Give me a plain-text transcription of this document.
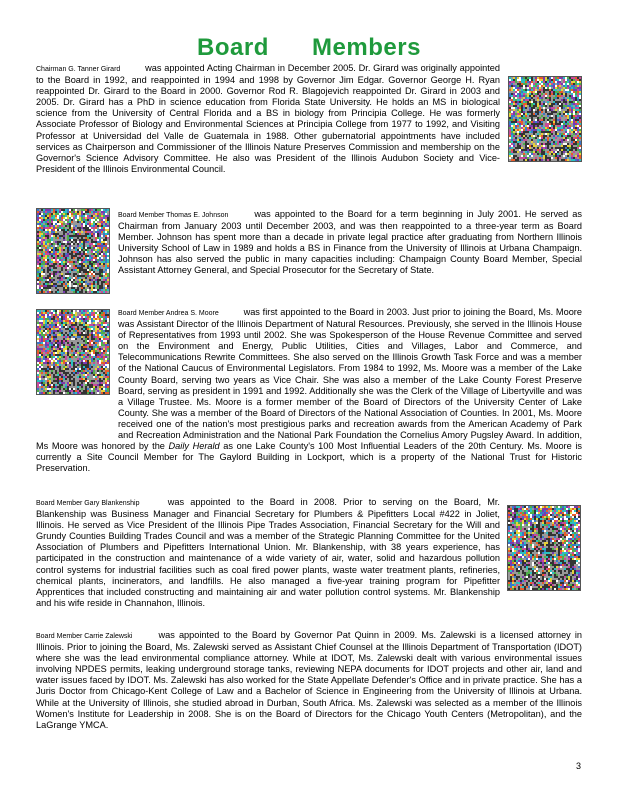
Board Members
Chairman G. Tanner Girard	was appointed Acting Chairman in December 2005. Dr. Girard was originally appointed to the Board in 1992, and reappointed in 1994 and 1998 by Governor Jim Edgar. Governor George H. Ryan reappointed Dr. Girard to the Board in 2000. Governor Rod R. Blagojevich reappointed Dr. Girard in 2003 and 2005. Dr. Girard has a PhD in science education from Florida State University. He holds an MS in biological science from the University of Central Florida and a BS in biology from Principia College. He was formerly Associate Professor of Biology and Environmental Sciences at Principia College from 1977 to 1992, and Visiting Professor at Universidad del Valle de Guatemala in 1988. Other gubernatorial appointments have included services as Chairperson and Commissioner of the Illinois Nature Preserves Commission and membership on the Governor's Science Advisory Committee. He also was President of the Illinois Audubon Society and Vice-President of the Illinois Environmental Council.
Board Member Thomas E. Johnson	was appointed to the Board for a term beginning in July 2001. He served as Chairman from January 2003 until December 2003, and was then reappointed to a three-year term as Board Member. Johnson has spent more than a decade in private legal practice after graduating from Northern Illinois University School of Law in 1989 and holds a BS in Finance from the University of Illinois at Urbana Champaign. Johnson has also served the public in many capacities including: Champaign County Board Member, Special Assistant Attorney General, and Special Prosecutor for the Secretary of State.
Board Member Andrea S. Moore	was first appointed to the Board in 2003. Just prior to joining the Board, Ms. Moore was Assistant Director of the Illinois Department of Natural Resources. Previously, she served in the Illinois House of Representatives from 1993 until 2002. She was Spokesperson of the House Revenue Committee and served on the Environment and Energy, Public Utilities, Cities and Villages, Labor and Commerce, and Telecommunications Rewrite Committees. She also served on the Illinois Growth Task Force and was a member of the National Caucus of Environmental Legislators. From 1984 to 1992, Ms. Moore was a member of the Lake County Board, serving two years as Vice Chair. She was also a member of the Lake County Forest Preserve Board, serving as president in 1991 and 1992. Additionally she was the Clerk of the Village of Libertyville and was a Village Trustee. Ms. Moore is a former member of the Board of Directors of the University Center of Lake County. She was a member of the Board of Directors of the National Association of Counties. In 2001, Ms. Moore received one of the nation's most prestigious parks and recreation awards from the American Academy of Park and Recreation Administration and the National Park Foundation the Cornelius Amory Pugsley Award. In addition, Ms Moore was honored by the Daily Herald as one Lake County's 100 Most Influential Leaders of the 20th Century. Ms. Moore is currently a Site Council Member for The Gaylord Building in Lockport, which is a property of the National Trust for Historic Preservation.
Board Member Gary Blankenship	was appointed to the Board in 2008. Prior to serving on the Board, Mr. Blankenship was Business Manager and Financial Secretary for Plumbers & Pipefitters Local #422 in Joliet, Illinois. He served as Vice President of the Illinois Pipe Trades Association, Financial Secretary for the Will and Grundy Counties Building Trades Council and was a member of the Strategic Planning Committee for the United Association of Plumbers and Pipefitters International Union. Mr. Blankenship, with 38 years experience, has participated in the construction and maintenance of a wide variety of air, water, solid and hazardous pollution control systems for industrial facilities such as coal fired power plants, waste water treatment plants, refineries, chemical plants, incinerators, and landfills. He also managed a five-year training program for Pipefitter Apprentices that included constructing and maintaining air and water pollution control systems. Mr. Blankenship and his wife reside in Channahon, Illinois.
Board Member Carrie Zalewski	was appointed to the Board by Governor Pat Quinn in 2009. Ms. Zalewski is a licensed attorney in Illinois. Prior to joining the Board, Ms. Zalewski served as Assistant Chief Counsel at the Illinois Department of Transportation (IDOT) where she was the lead environmental compliance attorney. While at IDOT, Ms. Zalewski dealt with various environmental issues involving NPDES permits, leaking underground storage tanks, reviewing NEPA documents for IDOT projects and other air, land and water issues faced by IDOT. Ms. Zalewski has also worked for the State Appellate Defender's Office and in private practice. She has a Juris Doctor from Chicago-Kent College of Law and a Bachelor of Science in Engineering from the University of Illinois at Urbana. While at the University of Illinois, she studied abroad in Durban, South Africa. Ms. Zalewski was selected as a member of the Illinois Women's Institute for Leadership in 2008. She is on the Board of Directors for the Chicago Youth Centers (Metropolitan), and the LaGrange YMCA.
3
